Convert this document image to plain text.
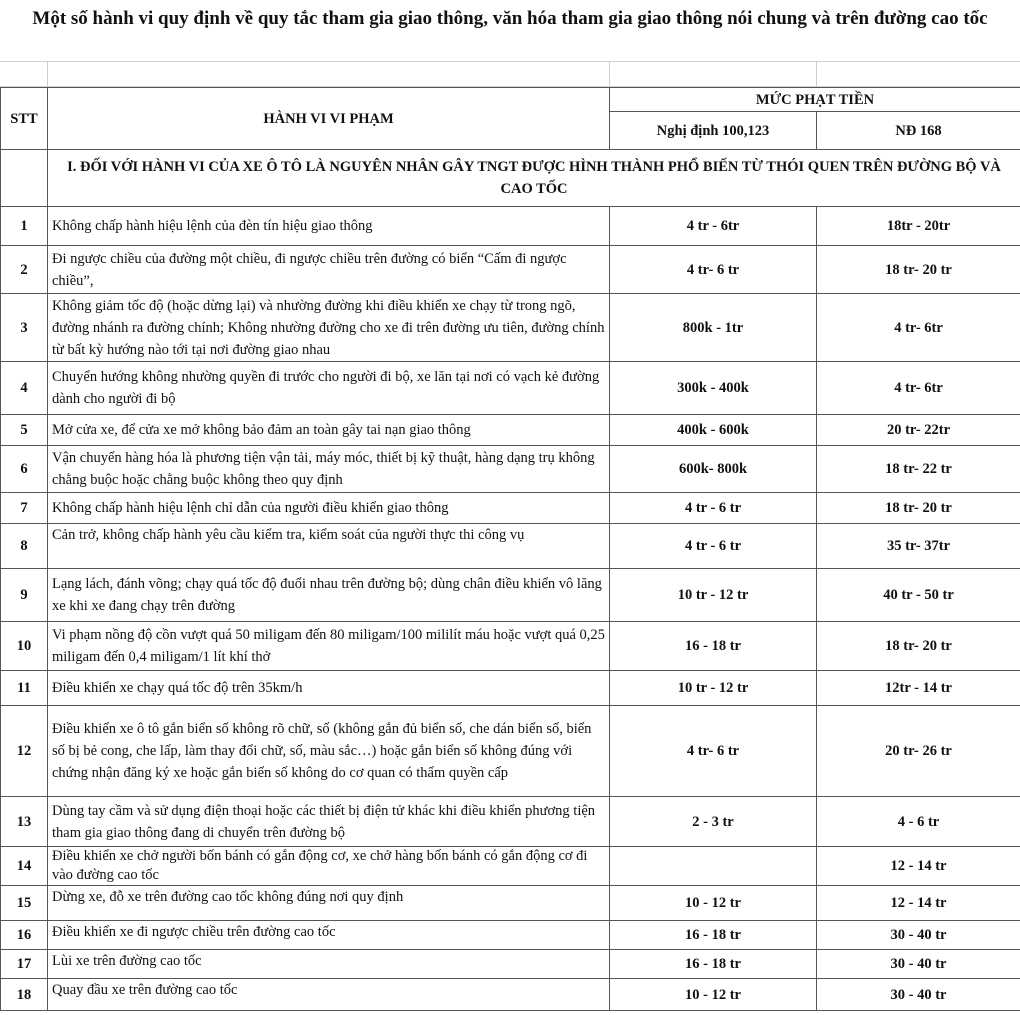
Một số hành vi quy định về quy tắc tham gia giao thông, văn hóa tham gia giao thông nói chung và trên đường cao tốc
STT	HÀNH VI VI PHẠM	MỨC PHẠT TIỀN	
		Nghị định 100,123	NĐ 168
	I. ĐỐI VỚI HÀNH VI CỦA XE Ô TÔ LÀ NGUYÊN NHÂN GÂY TNGT ĐƯỢC HÌNH THÀNH PHỔ BIẾN TỪ THÓI QUEN TRÊN ĐƯỜNG BỘ VÀ CAO TỐC		
1	Không chấp hành hiệu lệnh của đèn tín hiệu giao thông	4 tr - 6tr	18tr - 20tr
2	Đi ngược chiều của đường một chiều, đi ngược chiều trên đường có biển “Cấm đi ngược chiều”,	4 tr- 6 tr	18 tr- 20 tr
3	Không giảm tốc độ (hoặc dừng lại) và nhường đường khi điều khiển xe chạy từ trong ngõ, đường nhánh ra đường chính; Không nhường đường cho xe đi trên đường ưu tiên, đường chính từ bất kỳ hướng nào tới tại nơi đường giao nhau	800k - 1tr	4 tr- 6tr
4	Chuyển hướng không nhường quyền đi trước cho người đi bộ, xe lăn tại nơi có vạch kẻ đường dành cho người đi bộ	300k - 400k	4 tr- 6tr
5	Mở cửa xe, để cửa xe mở không bảo đảm an toàn gây tai nạn giao thông	400k - 600k	20 tr- 22tr
6	Vận chuyển hàng hóa là phương tiện vận tải, máy móc, thiết bị kỹ thuật, hàng dạng trụ không chằng buộc hoặc chằng buộc không theo quy định	600k- 800k	18 tr- 22 tr
7	Không chấp hành hiệu lệnh chỉ dẫn của người điều khiển giao thông	4 tr - 6 tr	18 tr- 20 tr
8	Cản trở, không chấp hành yêu cầu kiểm tra, kiểm soát của người thực thi công vụ	4 tr - 6 tr	35 tr- 37tr
9	Lạng lách, đánh võng; chạy quá tốc độ đuổi nhau trên đường bộ; dùng chân điều khiển vô lăng xe khi xe đang chạy trên đường	10 tr - 12 tr	40 tr - 50 tr
10	Vi phạm nồng độ cồn vượt quá 50 miligam đến 80 miligam/100 mililít máu hoặc vượt quá 0,25 miligam đến 0,4 miligam/1 lít khí thở	16 - 18 tr	18 tr- 20 tr
11	Điều khiển xe chạy quá tốc độ trên 35km/h	10 tr - 12 tr	12tr - 14 tr
12	Điều khiển xe ô tô gắn biển số không rõ chữ, số (không gắn đủ biển số, che dán biển số, biển số bị bẻ cong, che lấp, làm thay đổi chữ, số, màu sắc…) hoặc gắn biển số không đúng với chứng nhận đăng ký xe hoặc gắn biển số không do cơ quan có thẩm quyền cấp	4 tr- 6 tr	20 tr- 26 tr
13	Dùng tay cầm và sử dụng điện thoại hoặc các thiết bị điện tử khác khi điều khiển phương tiện tham gia giao thông đang di chuyển trên đường bộ	2 - 3 tr	4 - 6 tr
14	Điều khiển xe chở người bốn bánh có gắn động cơ, xe chở hàng bốn bánh có gắn động cơ đi vào đường cao tốc		12 - 14 tr
15	Dừng xe, đỗ xe trên đường cao tốc không đúng nơi quy định	10 - 12 tr	12 - 14 tr
16	Điều khiển xe đi ngược chiều trên đường cao tốc	16 - 18 tr	30 - 40 tr
17	Lùi xe trên đường cao tốc	16 - 18 tr	30 - 40 tr
18	Quay đầu xe trên đường cao tốc	10 - 12 tr	30 - 40 tr
